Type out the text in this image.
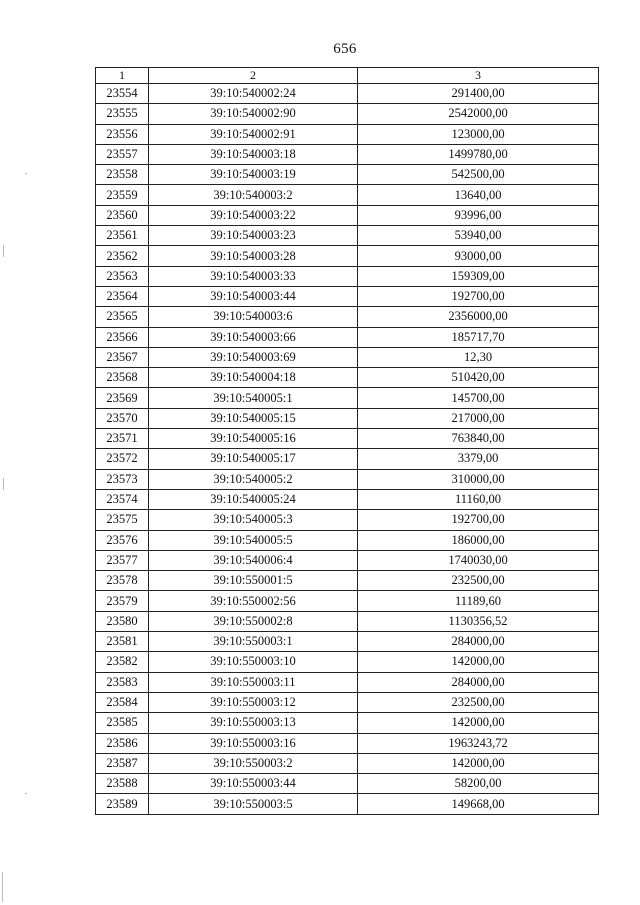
656
1	2	3
23554	39:10:540002:24	291400,00
23555	39:10:540002:90	2542000,00
23556	39:10:540002:91	123000,00
23557	39:10:540003:18	1499780,00
23558	39:10:540003:19	542500,00
23559	39:10:540003:2	13640,00
23560	39:10:540003:22	93996,00
23561	39:10:540003:23	53940,00
23562	39:10:540003:28	93000,00
23563	39:10:540003:33	159309,00
23564	39:10:540003:44	192700,00
23565	39:10:540003:6	2356000,00
23566	39:10:540003:66	185717,70
23567	39:10:540003:69	12,30
23568	39:10:540004:18	510420,00
23569	39:10:540005:1	145700,00
23570	39:10:540005:15	217000,00
23571	39:10:540005:16	763840,00
23572	39:10:540005:17	3379,00
23573	39:10:540005:2	310000,00
23574	39:10:540005:24	11160,00
23575	39:10:540005:3	192700,00
23576	39:10:540005:5	186000,00
23577	39:10:540006:4	1740030,00
23578	39:10:550001:5	232500,00
23579	39:10:550002:56	11189,60
23580	39:10:550002:8	1130356,52
23581	39:10:550003:1	284000,00
23582	39:10:550003:10	142000,00
23583	39:10:550003:11	284000,00
23584	39:10:550003:12	232500,00
23585	39:10:550003:13	142000,00
23586	39:10:550003:16	1963243,72
23587	39:10:550003:2	142000,00
23588	39:10:550003:44	58200,00
23589	39:10:550003:5	149668,00
